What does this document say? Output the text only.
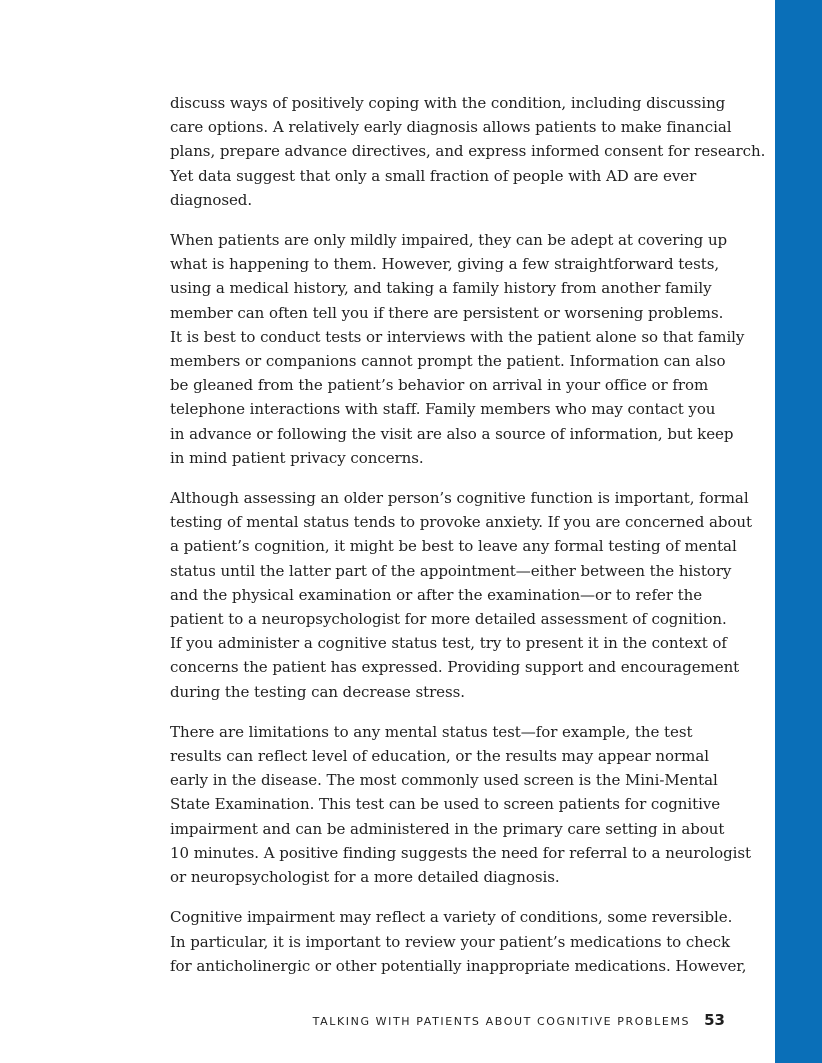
discuss ways of positively coping with the condition, including discussing
care options. A relatively early diagnosis allows patients to make financial
plans, prepare advance directives, and express informed consent for research.
Yet data suggest that only a small fraction of people with AD are ever
diagnosed.

When patients are only mildly impaired, they can be adept at covering up
what is happening to them. However, giving a few straightforward tests,
using a medical history, and taking a family history from another family
member can often tell you if there are persistent or worsening problems.
It is best to conduct tests or interviews with the patient alone so that family
members or companions cannot prompt the patient. Information can also
be gleaned from the patient’s behavior on arrival in your office or from
telephone interactions with staff. Family members who may contact you
in advance or following the visit are also a source of information, but keep
in mind patient privacy concerns.

Although assessing an older person’s cognitive function is important, formal
testing of mental status tends to provoke anxiety. If you are concerned about
a patient’s cognition, it might be best to leave any formal testing of mental
status until the latter part of the appointment—either between the history
and the physical examination or after the examination—or to refer the
patient to a neuropsychologist for more detailed assessment of cognition.
If you administer a cognitive status test, try to present it in the context of
concerns the patient has expressed. Providing support and encouragement
during the testing can decrease stress.

There are limitations to any mental status test—for example, the test
results can reflect level of education, or the results may appear normal
early in the disease. The most commonly used screen is the Mini-Mental
State Examination. This test can be used to screen patients for cognitive
impairment and can be administered in the primary care setting in about
10 minutes. A positive finding suggests the need for referral to a neurologist
or neuropsychologist for a more detailed diagnosis.

Cognitive impairment may reflect a variety of conditions, some reversible.
In particular, it is important to review your patient’s medications to check
for anticholinergic or other potentially inappropriate medications. However,

TALKING WITH PATIENTS ABOUT COGNITIVE PROBLEMS 53
